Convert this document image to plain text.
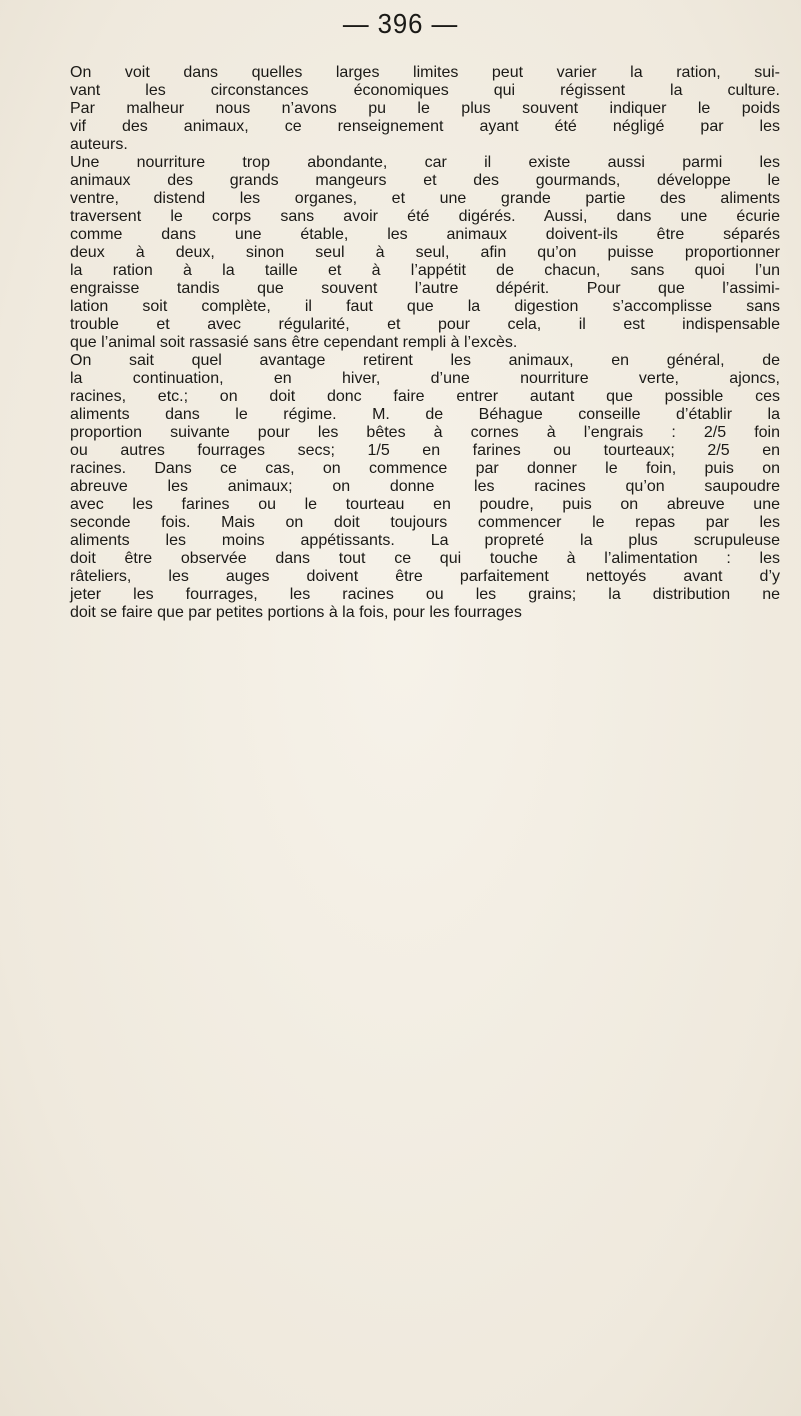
— 396 —
On voit dans quelles larges limites peut varier la ration, sui-
vant les circonstances économiques qui régissent la culture.
Par malheur nous n’avons pu le plus souvent indiquer le poids
vif des animaux, ce renseignement ayant été négligé par les
auteurs.
Une nourriture trop abondante, car il existe aussi parmi les
animaux des grands mangeurs et des gourmands, développe le
ventre, distend les organes, et une grande partie des aliments
traversent le corps sans avoir été digérés. Aussi, dans une écurie
comme dans une étable, les animaux doivent-ils être séparés
deux à deux, sinon seul à seul, afin qu’on puisse proportionner
la ration à la taille et à l’appétit de chacun, sans quoi l’un
engraisse tandis que souvent l’autre dépérit. Pour que l’assimi-
lation soit complète, il faut que la digestion s’accomplisse sans
trouble et avec régularité, et pour cela, il est indispensable
que l’animal soit rassasié sans être cependant rempli à l’excès.
On sait quel avantage retirent les animaux, en général, de
la continuation, en hiver, d’une nourriture verte, ajoncs,
racines, etc.; on doit donc faire entrer autant que possible ces
aliments dans le régime. M. de Béhague conseille d’établir la
proportion suivante pour les bêtes à cornes à l’engrais : 2/5 foin
ou autres fourrages secs; 1/5 en farines ou tourteaux; 2/5 en
racines. Dans ce cas, on commence par donner le foin, puis on
abreuve les animaux; on donne les racines qu’on saupoudre
avec les farines ou le tourteau en poudre, puis on abreuve une
seconde fois. Mais on doit toujours commencer le repas par les
aliments les moins appétissants. La propreté la plus scrupuleuse
doit être observée dans tout ce qui touche à l’alimentation : les
râteliers, les auges doivent être parfaitement nettoyés avant d’y
jeter les fourrages, les racines ou les grains; la distribution ne
doit se faire que par petites portions à la fois, pour les fourrages
